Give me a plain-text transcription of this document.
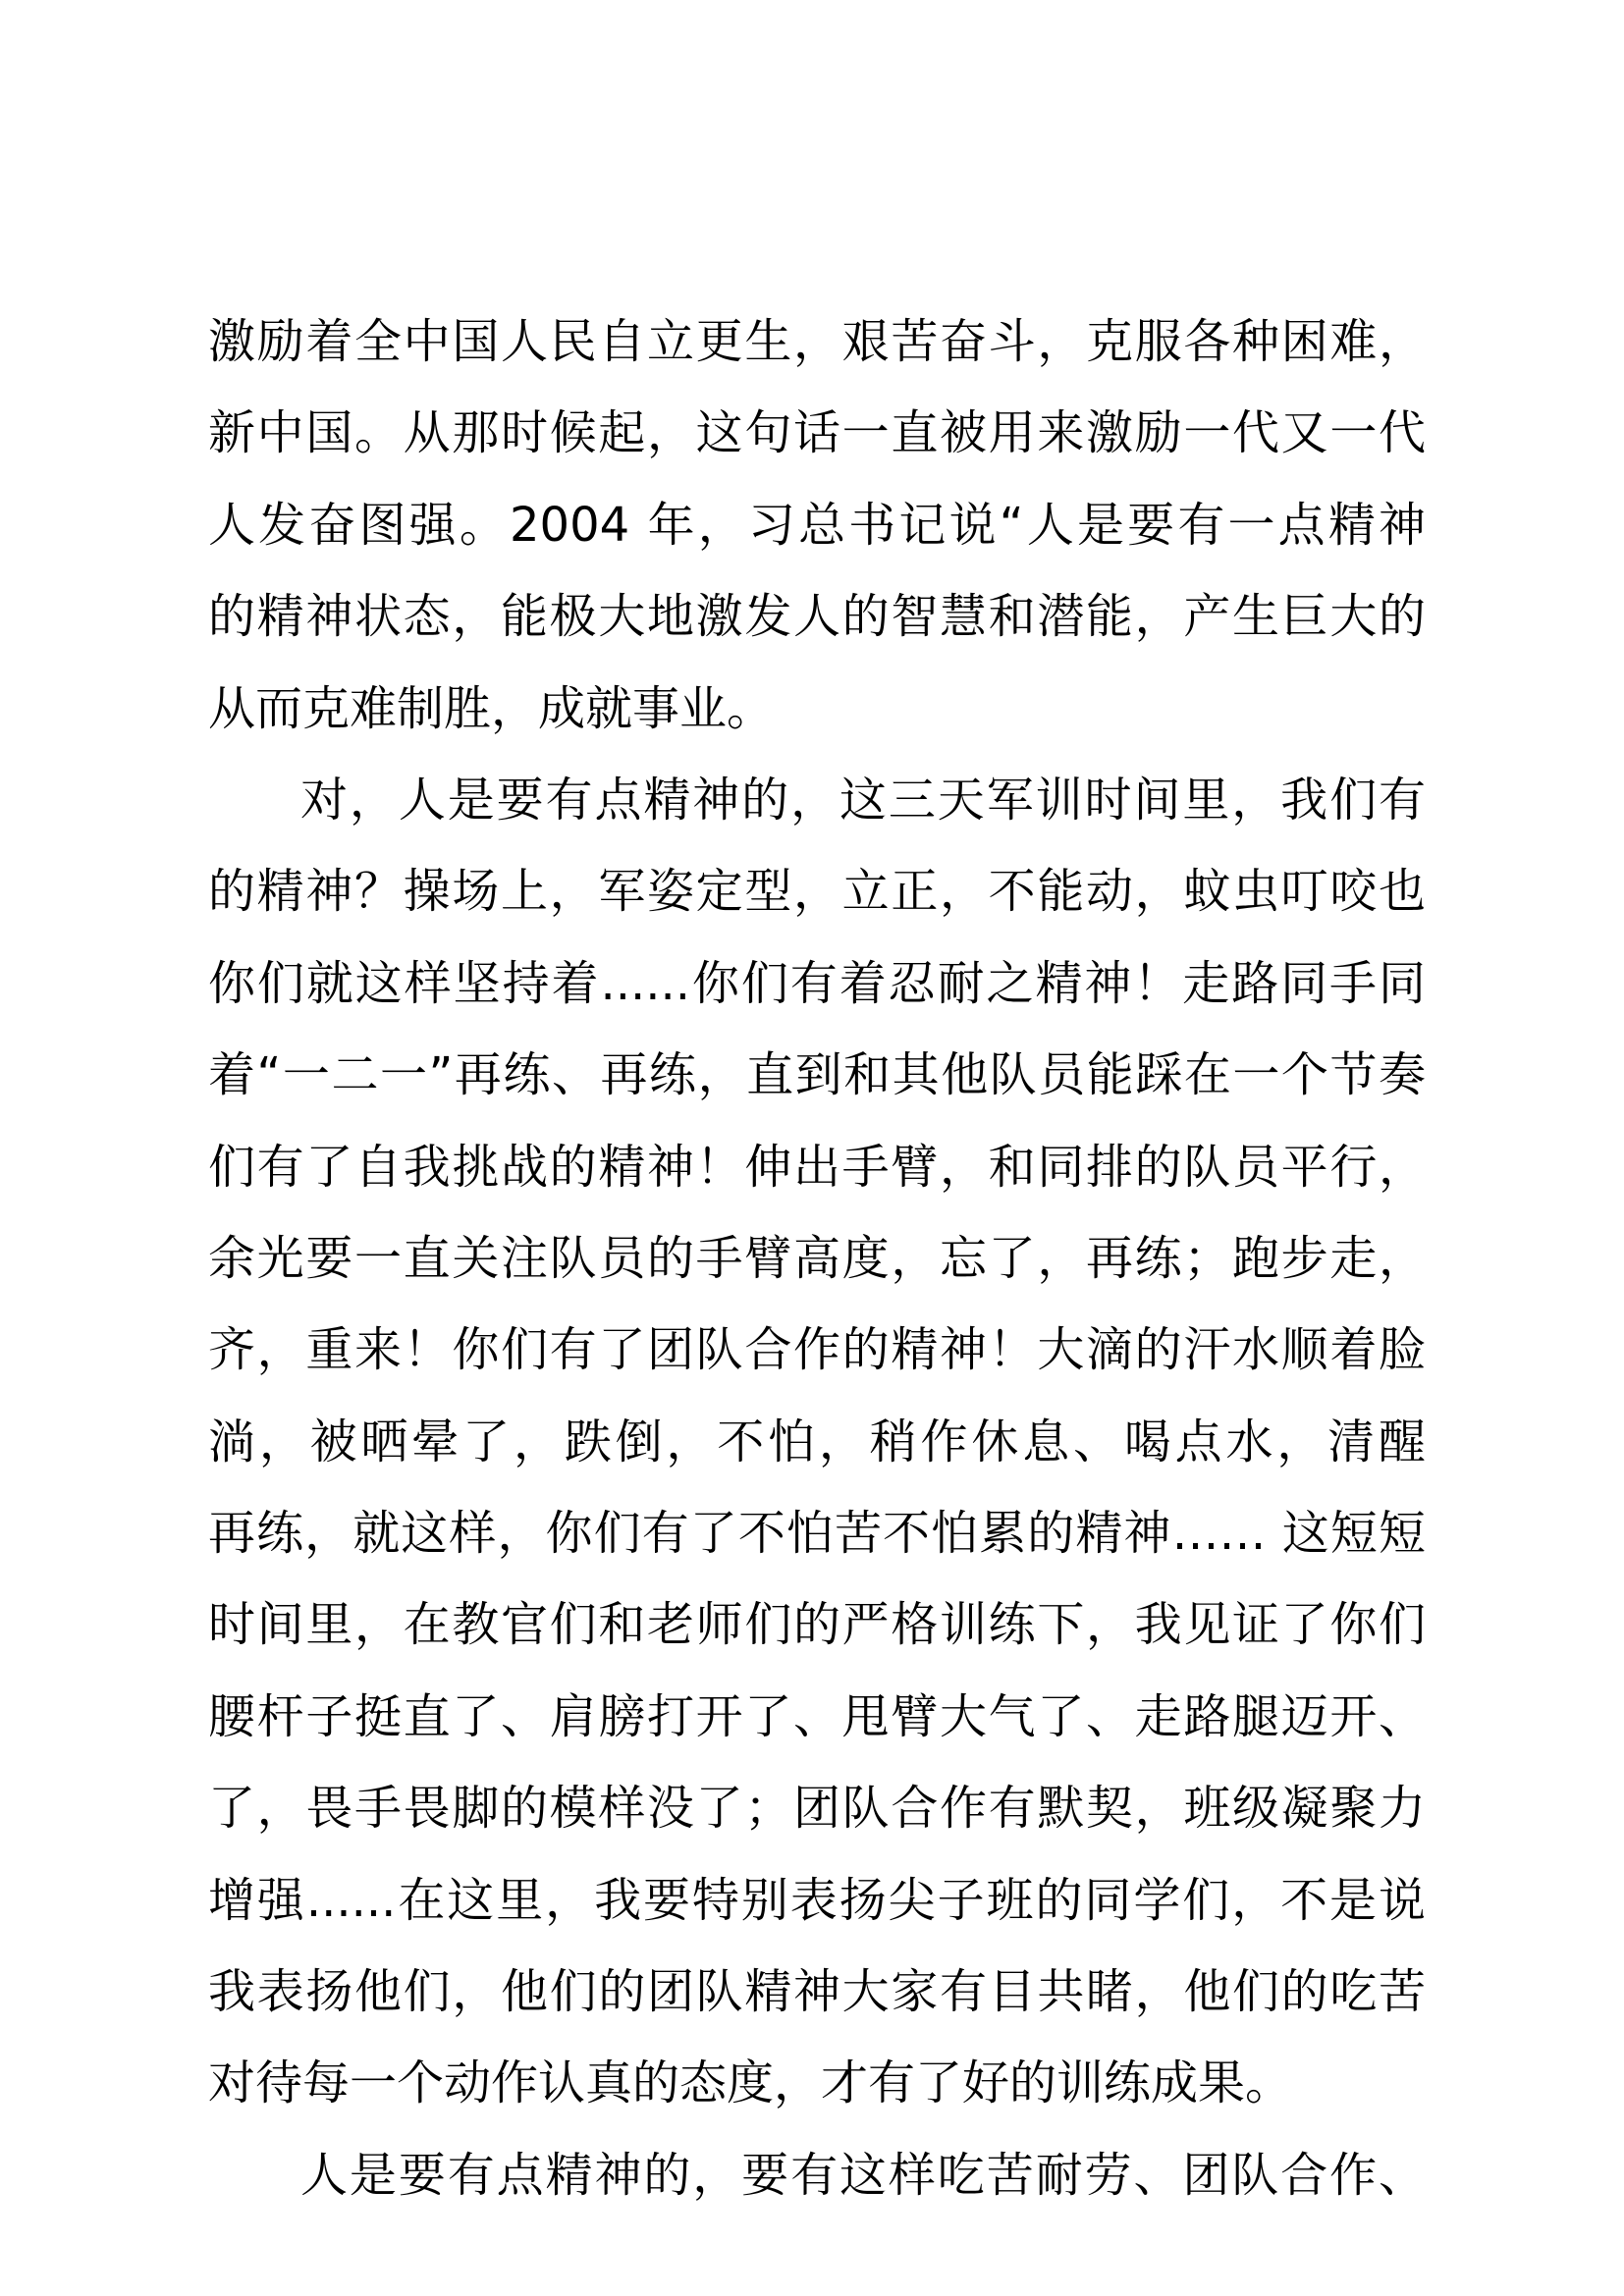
激励着全中国人民自立更生，艰苦奋斗，克服各种困难，
新中国。从那时候起，这句话一直被用来激励一代又一代
人发奋图强。2004 年，习总书记说“人是要有一点精神
的精神状态，能极大地激发人的智慧和潜能，产生巨大的
从而克难制胜，成就事业。
对，人是要有点精神的，这三天军训时间里，我们有
的精神？操场上，军姿定型，立正，不能动，蚊虫叮咬也
你们就这样坚持着......你们有着忍耐之精神！走路同手同
着“一二一”再练、再练，直到和其他队员能踩在一个节奏
们有了自我挑战的精神！伸出手臂，和同排的队员平行，
余光要一直关注队员的手臂高度，忘了，再练；跑步走，
齐，重来！你们有了团队合作的精神！大滴的汗水顺着脸
淌，被晒晕了，跌倒，不怕，稍作休息、喝点水，清醒
再练，就这样，你们有了不怕苦不怕累的精神…… 这短短
时间里，在教官们和老师们的严格训练下，我见证了你们
腰杆子挺直了、肩膀打开了、甩臂大气了、走路腿迈开、
了，畏手畏脚的模样没了；团队合作有默契，班级凝聚力
增强......在这里，我要特别表扬尖子班的同学们，不是说
我表扬他们，他们的团队精神大家有目共睹，他们的吃苦
对待每一个动作认真的态度，才有了好的训练成果。
人是要有点精神的，要有这样吃苦耐劳、团队合作、
